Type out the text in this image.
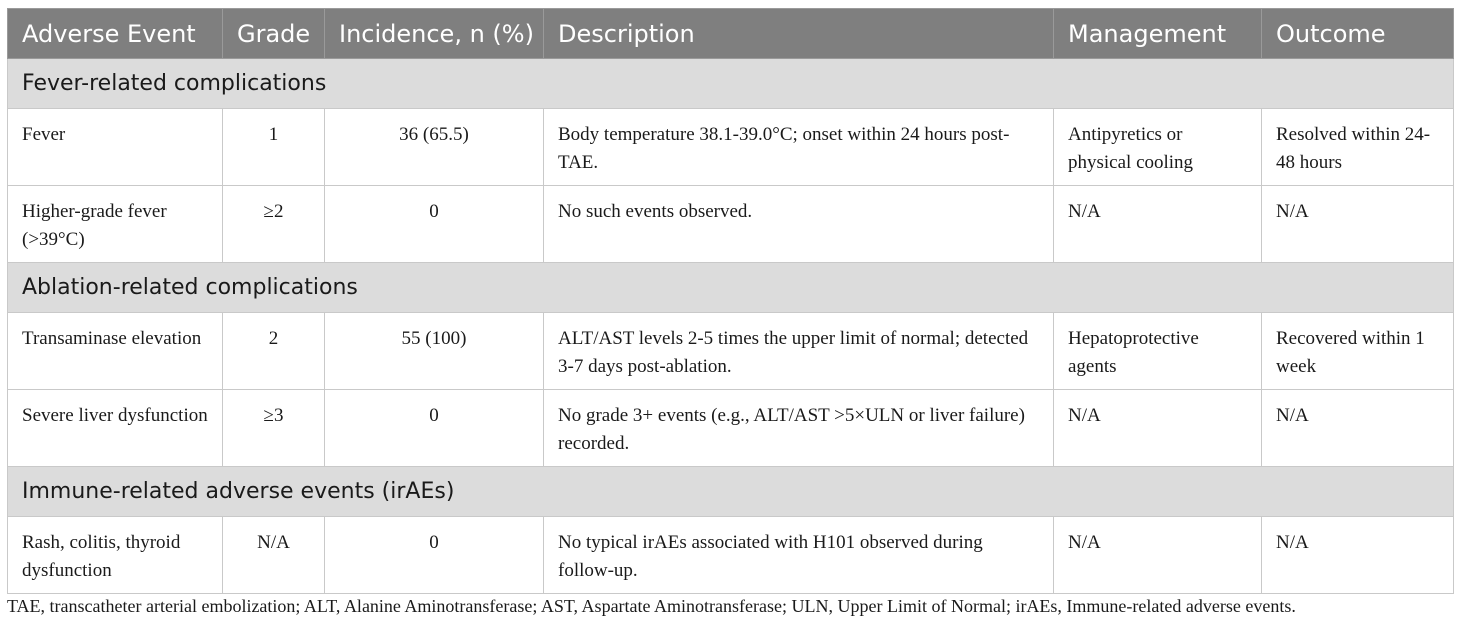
Adverse Event	Grade	Incidence, n (%)	Description	Management	Outcome
Fever-related complications					
Fever	1	36 (65.5)	Body temperature 38.1-39.0°C; onset within 24 hours post-TAE.	Antipyretics or physical cooling	Resolved within 24-48 hours
Higher-grade fever (>39°C)	≥2	0	No such events observed.	N/A	N/A
Ablation-related complications					
Transaminase elevation	2	55 (100)	ALT/AST levels 2-5 times the upper limit of normal; detected 3-7 days post-ablation.	Hepatoprotective agents	Recovered within 1 week
Severe liver dysfunction	≥3	0	No grade 3+ events (e.g., ALT/AST >5×ULN or liver failure) recorded.	N/A	N/A
Immune-related adverse events (irAEs)					
Rash, colitis, thyroid dysfunction	N/A	0	No typical irAEs associated with H101 observed during follow-up.	N/A	N/A
TAE, transcatheter arterial embolization; ALT, Alanine Aminotransferase; AST, Aspartate Aminotransferase; ULN, Upper Limit of Normal; irAEs, Immune-related adverse events.
